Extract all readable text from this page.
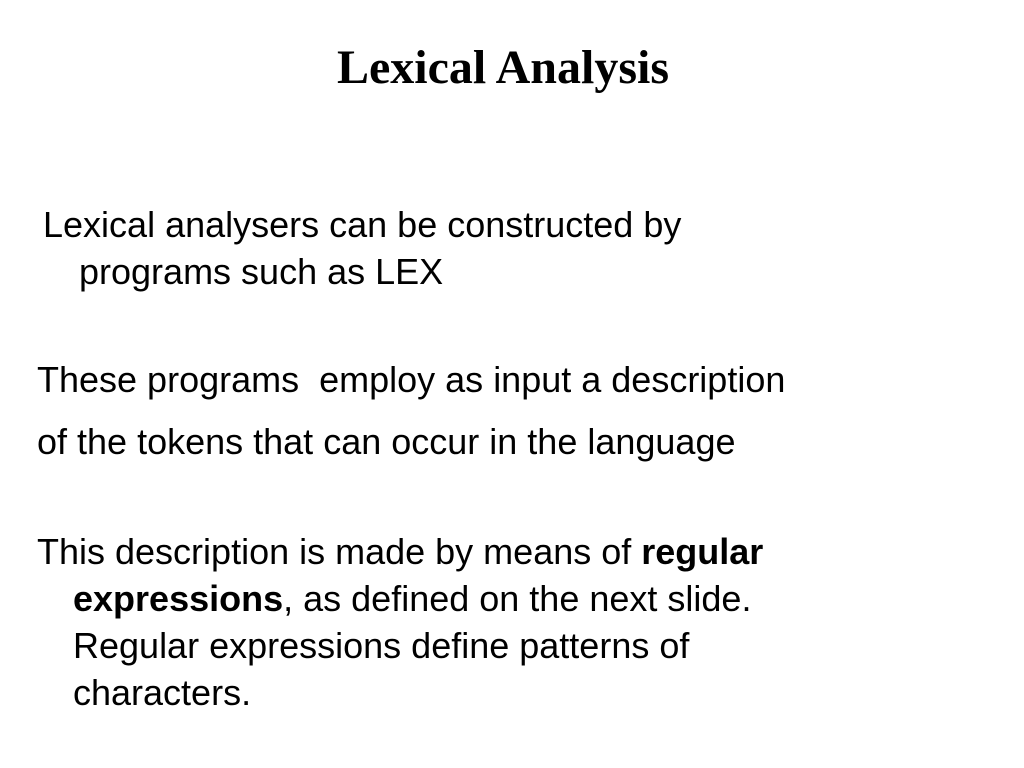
Lexical Analysis
Lexical analysers can be constructed by
programs such as LEX
These programs  employ as input a description
of the tokens that can occur in the language
This description is made by means of regular
expressions, as defined on the next slide.
Regular expressions define patterns of
characters.
